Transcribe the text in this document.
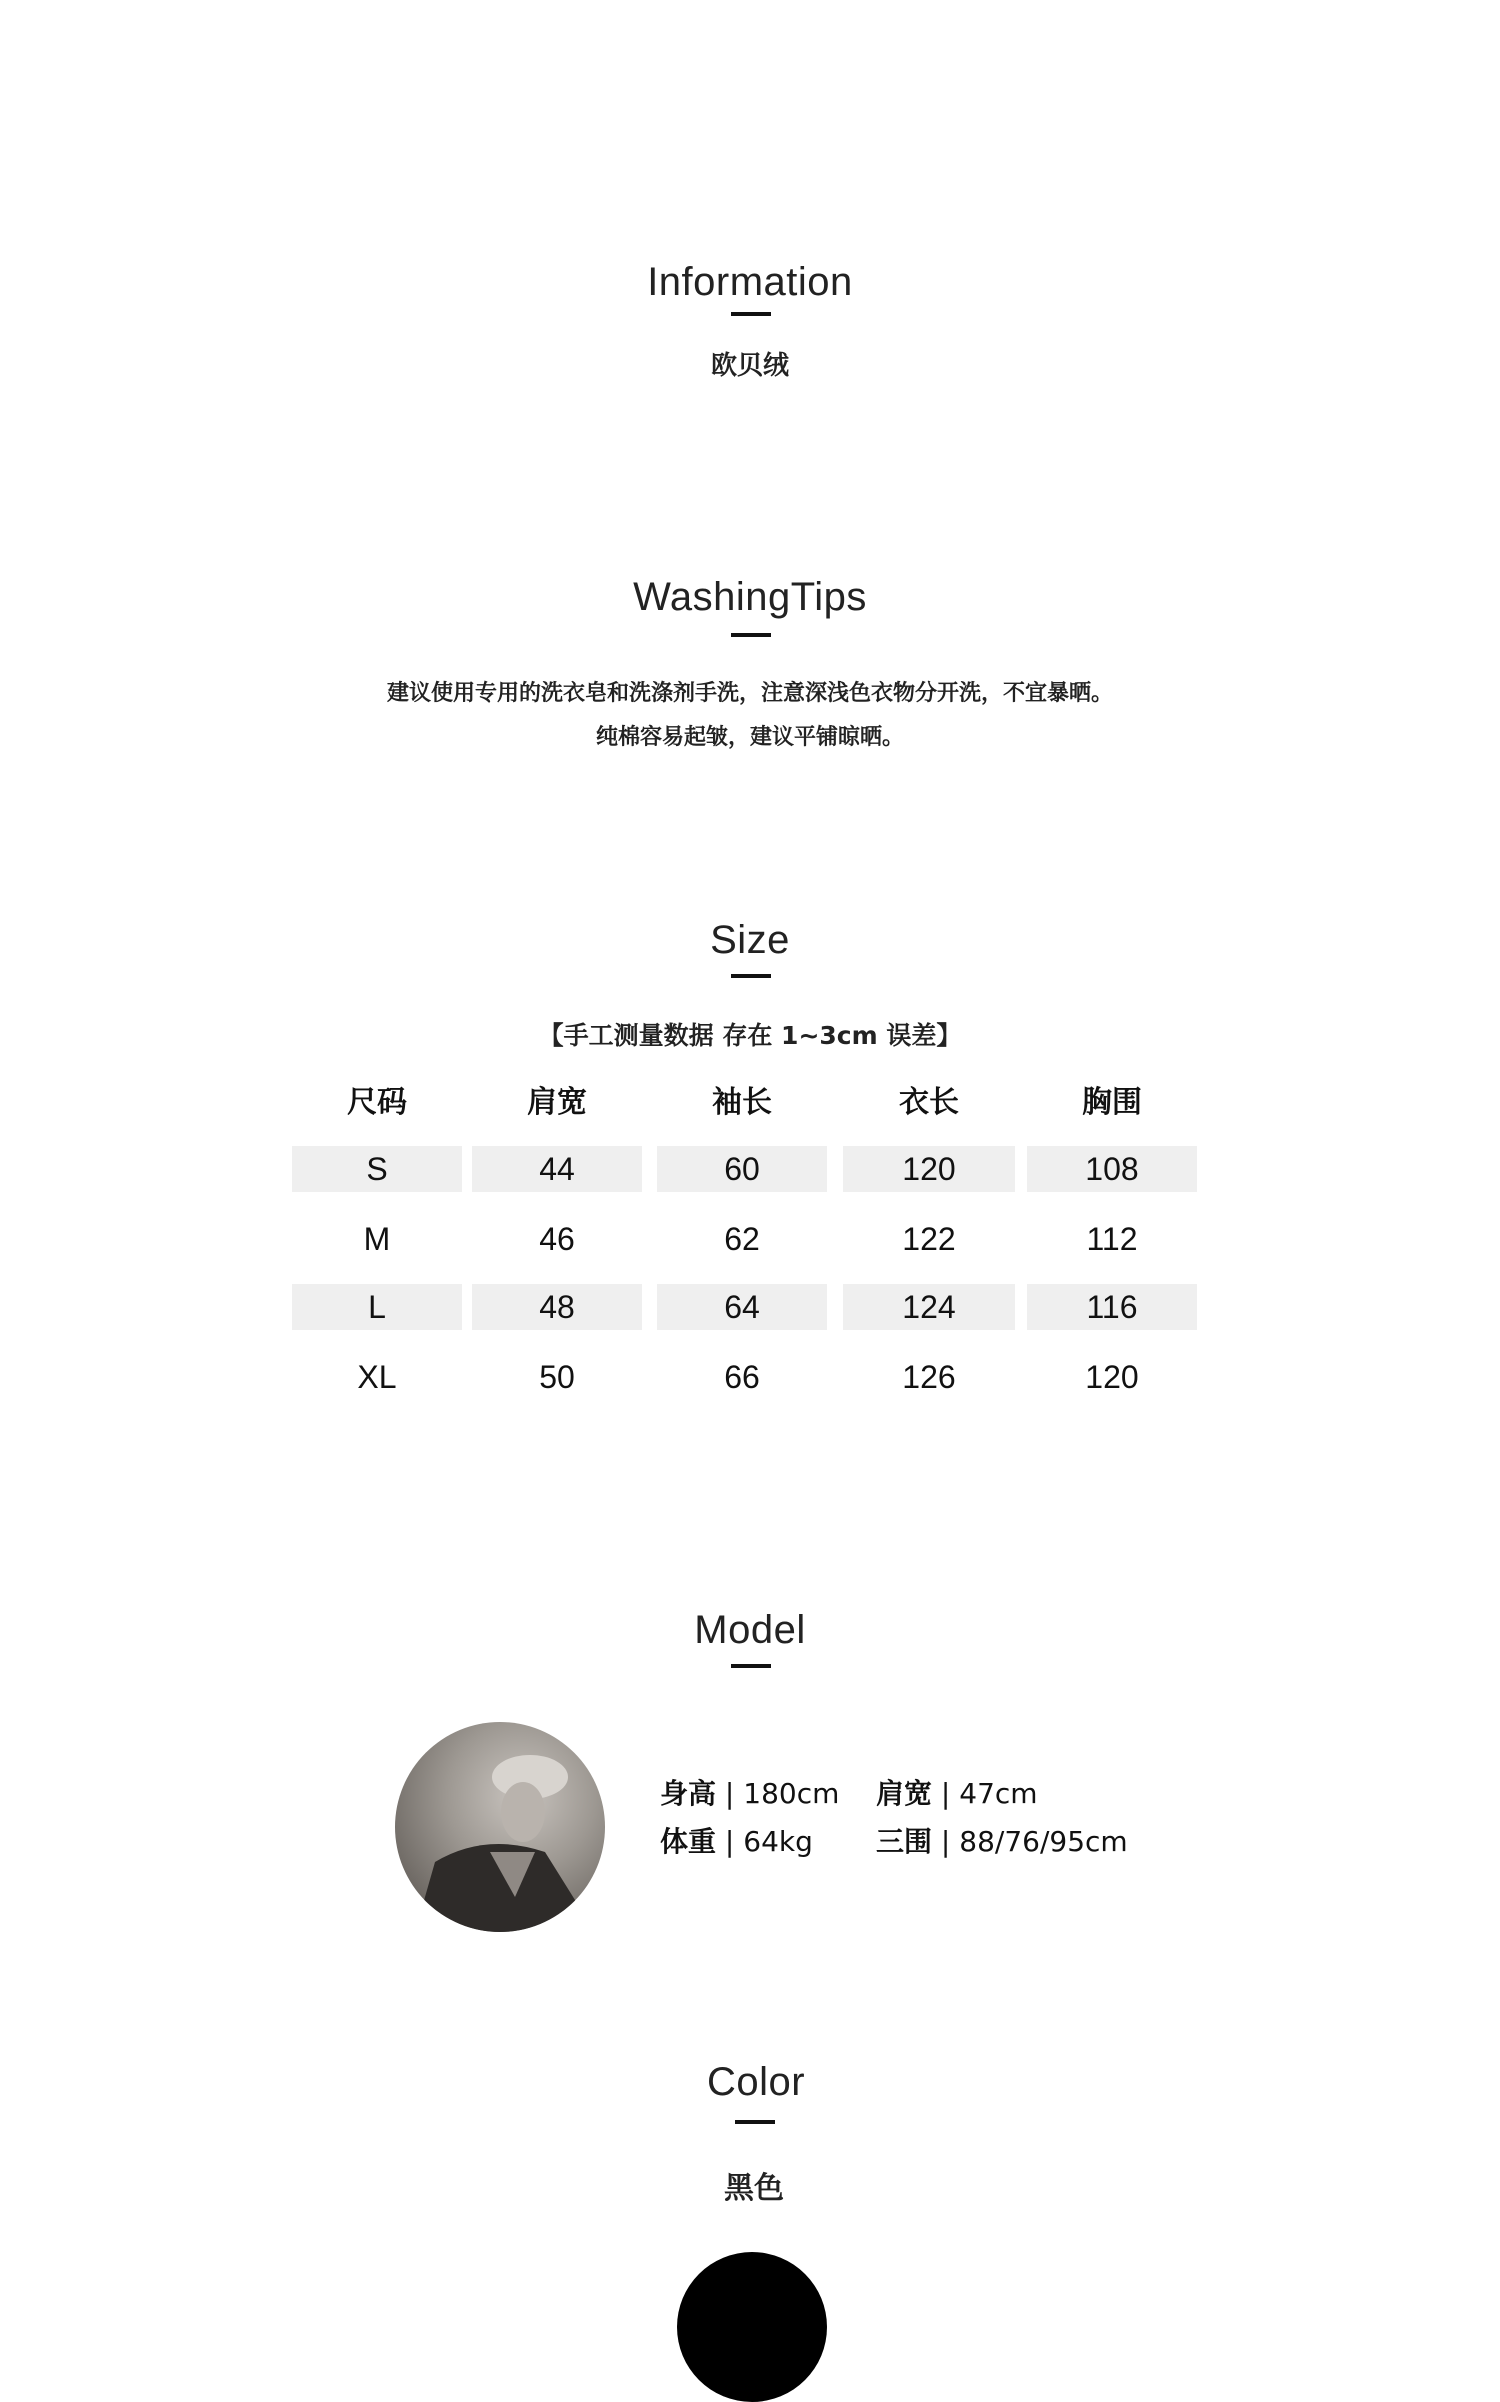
Information
欧贝绒
WashingTips
建议使用专用的洗衣皂和洗涤剂手洗，注意深浅色衣物分开洗，不宜暴晒。
纯棉容易起皱，建议平铺晾晒。
Size
【手工测量数据 存在 1~3cm 误差】
尺码	肩宽	袖长	衣长	胸围
S	44	60	120	108
M	46	62	122	112
L	48	64	124	116
XL	50	66	126	120
Model
身高 | 180cm 肩宽 | 47cm
体重 | 64kg 三围 | 88/76/95cm
Color
黑色
